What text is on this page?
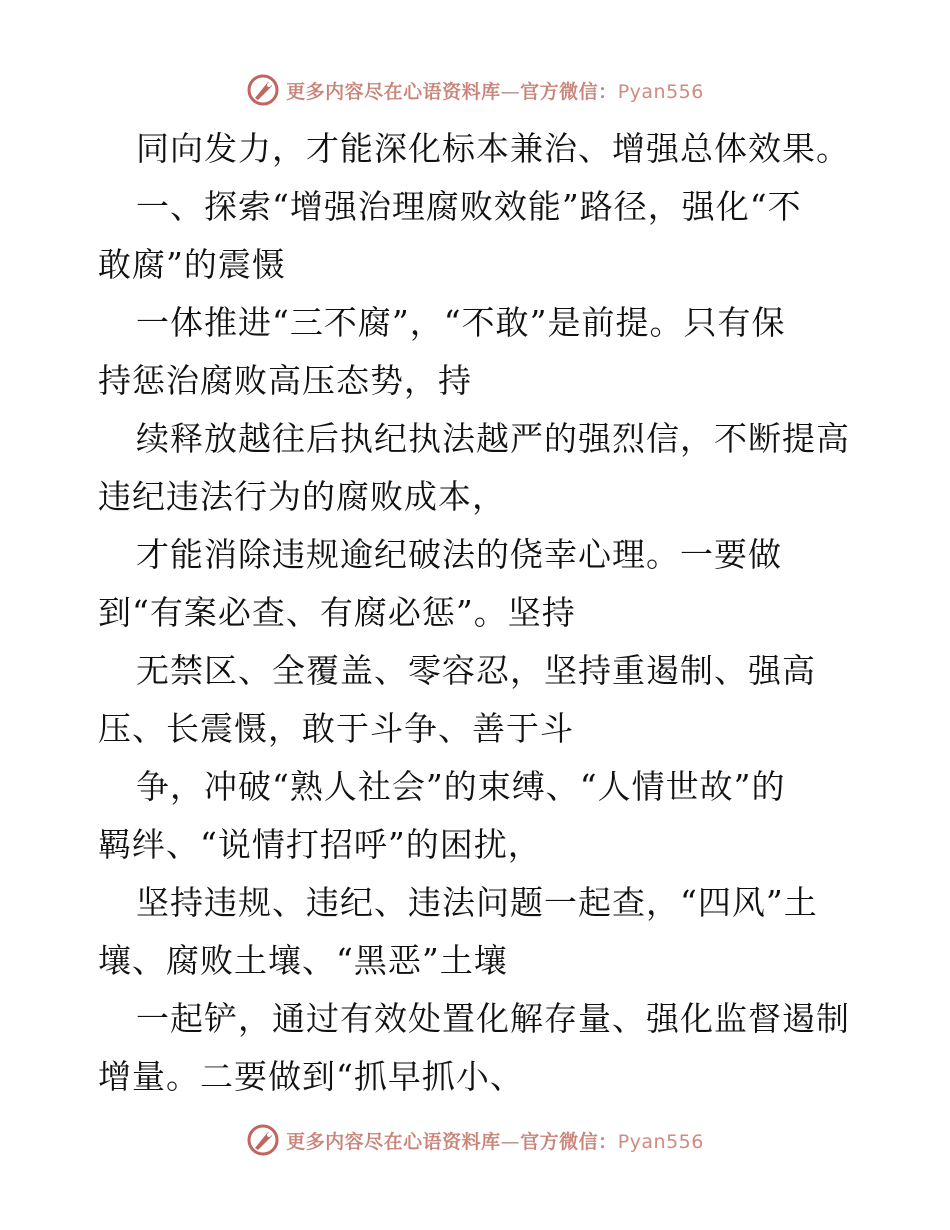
更多内容尽在心语资料库—官方微信：Pyan556
同向发力，才能深化标本兼治、增强总体效果。
一、探索“增强治理腐败效能”路径，强化“不
敢腐”的震慑
一体推进“三不腐”，“不敢”是前提。只有保
持惩治腐败高压态势，持
续释放越往后执纪执法越严的强烈信，不断提高
违纪违法行为的腐败成本，
才能消除违规逾纪破法的侥幸心理。一要做
到“有案必查、有腐必惩”。坚持
无禁区、全覆盖、零容忍，坚持重遏制、强高
压、长震慑，敢于斗争、善于斗
争，冲破“熟人社会”的束缚、“人情世故”的
羁绊、“说情打招呼”的困扰，
坚持违规、违纪、违法问题一起查，“四风”土
壤、腐败土壤、“黑恶”土壤
一起铲，通过有效处置化解存量、强化监督遏制
增量。二要做到“抓早抓小、
更多内容尽在心语资料库—官方微信：Pyan556
